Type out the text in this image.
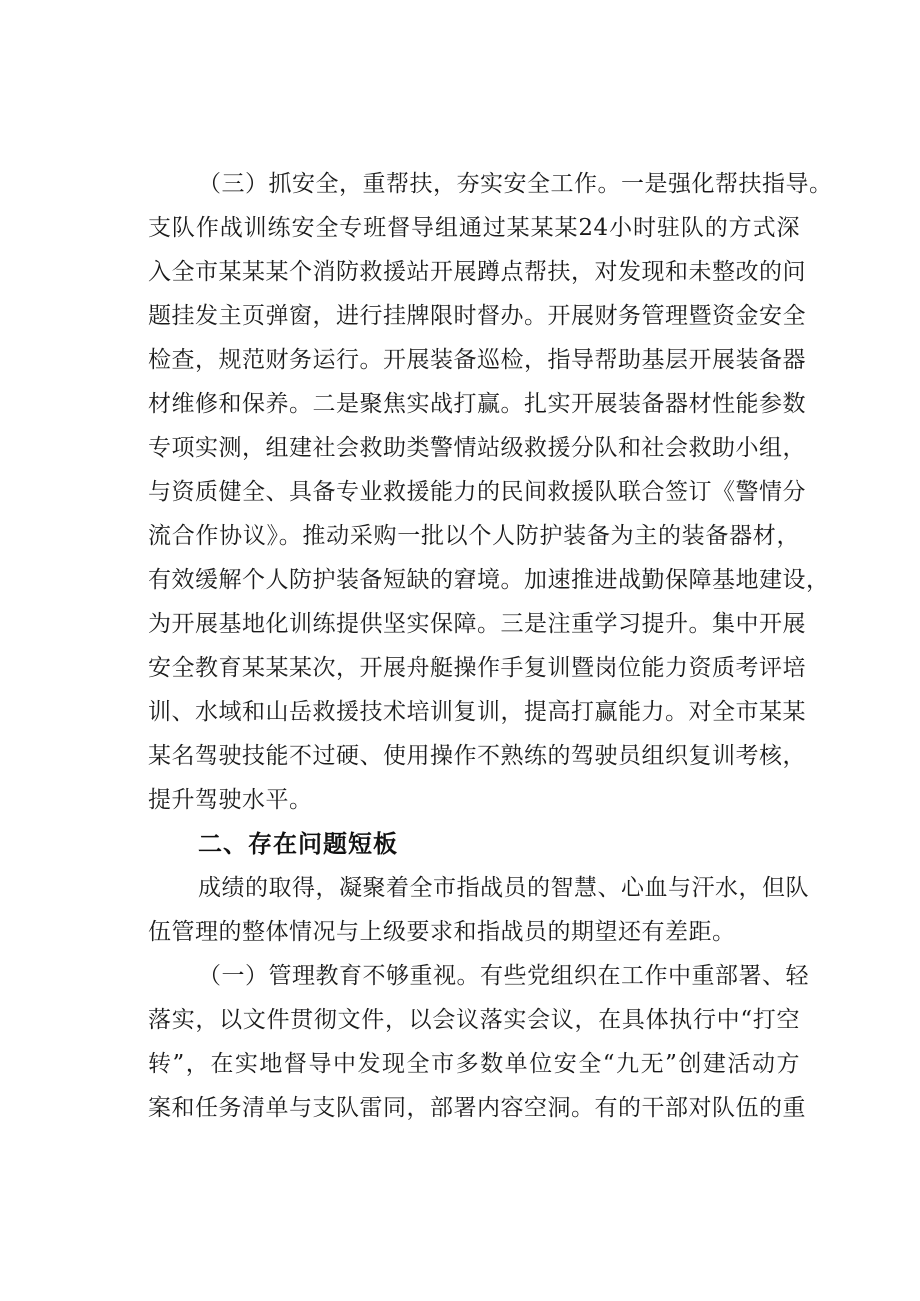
（三）抓安全，重帮扶，夯实安全工作。一是强化帮扶指导。
支队作战训练安全专班督导组通过某某某24小时驻队的方式深
入全市某某某个消防救援站开展蹲点帮扶，对发现和未整改的问
题挂发主页弹窗，进行挂牌限时督办。开展财务管理暨资金安全
检查，规范财务运行。开展装备巡检，指导帮助基层开展装备器
材维修和保养。二是聚焦实战打赢。扎实开展装备器材性能参数
专项实测，组建社会救助类警情站级救援分队和社会救助小组，
与资质健全、具备专业救援能力的民间救援队联合签订《警情分
流合作协议》。推动采购一批以个人防护装备为主的装备器材，
有效缓解个人防护装备短缺的窘境。加速推进战勤保障基地建设，
为开展基地化训练提供坚实保障。三是注重学习提升。集中开展
安全教育某某某次，开展舟艇操作手复训暨岗位能力资质考评培
训、水域和山岳救援技术培训复训，提高打赢能力。对全市某某
某名驾驶技能不过硬、使用操作不熟练的驾驶员组织复训考核，
提升驾驶水平。
二、存在问题短板
成绩的取得，凝聚着全市指战员的智慧、心血与汗水，但队
伍管理的整体情况与上级要求和指战员的期望还有差距。
（一）管理教育不够重视。有些党组织在工作中重部署、轻
落实，以文件贯彻文件，以会议落实会议，在具体执行中“打空
转”，在实地督导中发现全市多数单位安全“九无”创建活动方
案和任务清单与支队雷同，部署内容空洞。有的干部对队伍的重
